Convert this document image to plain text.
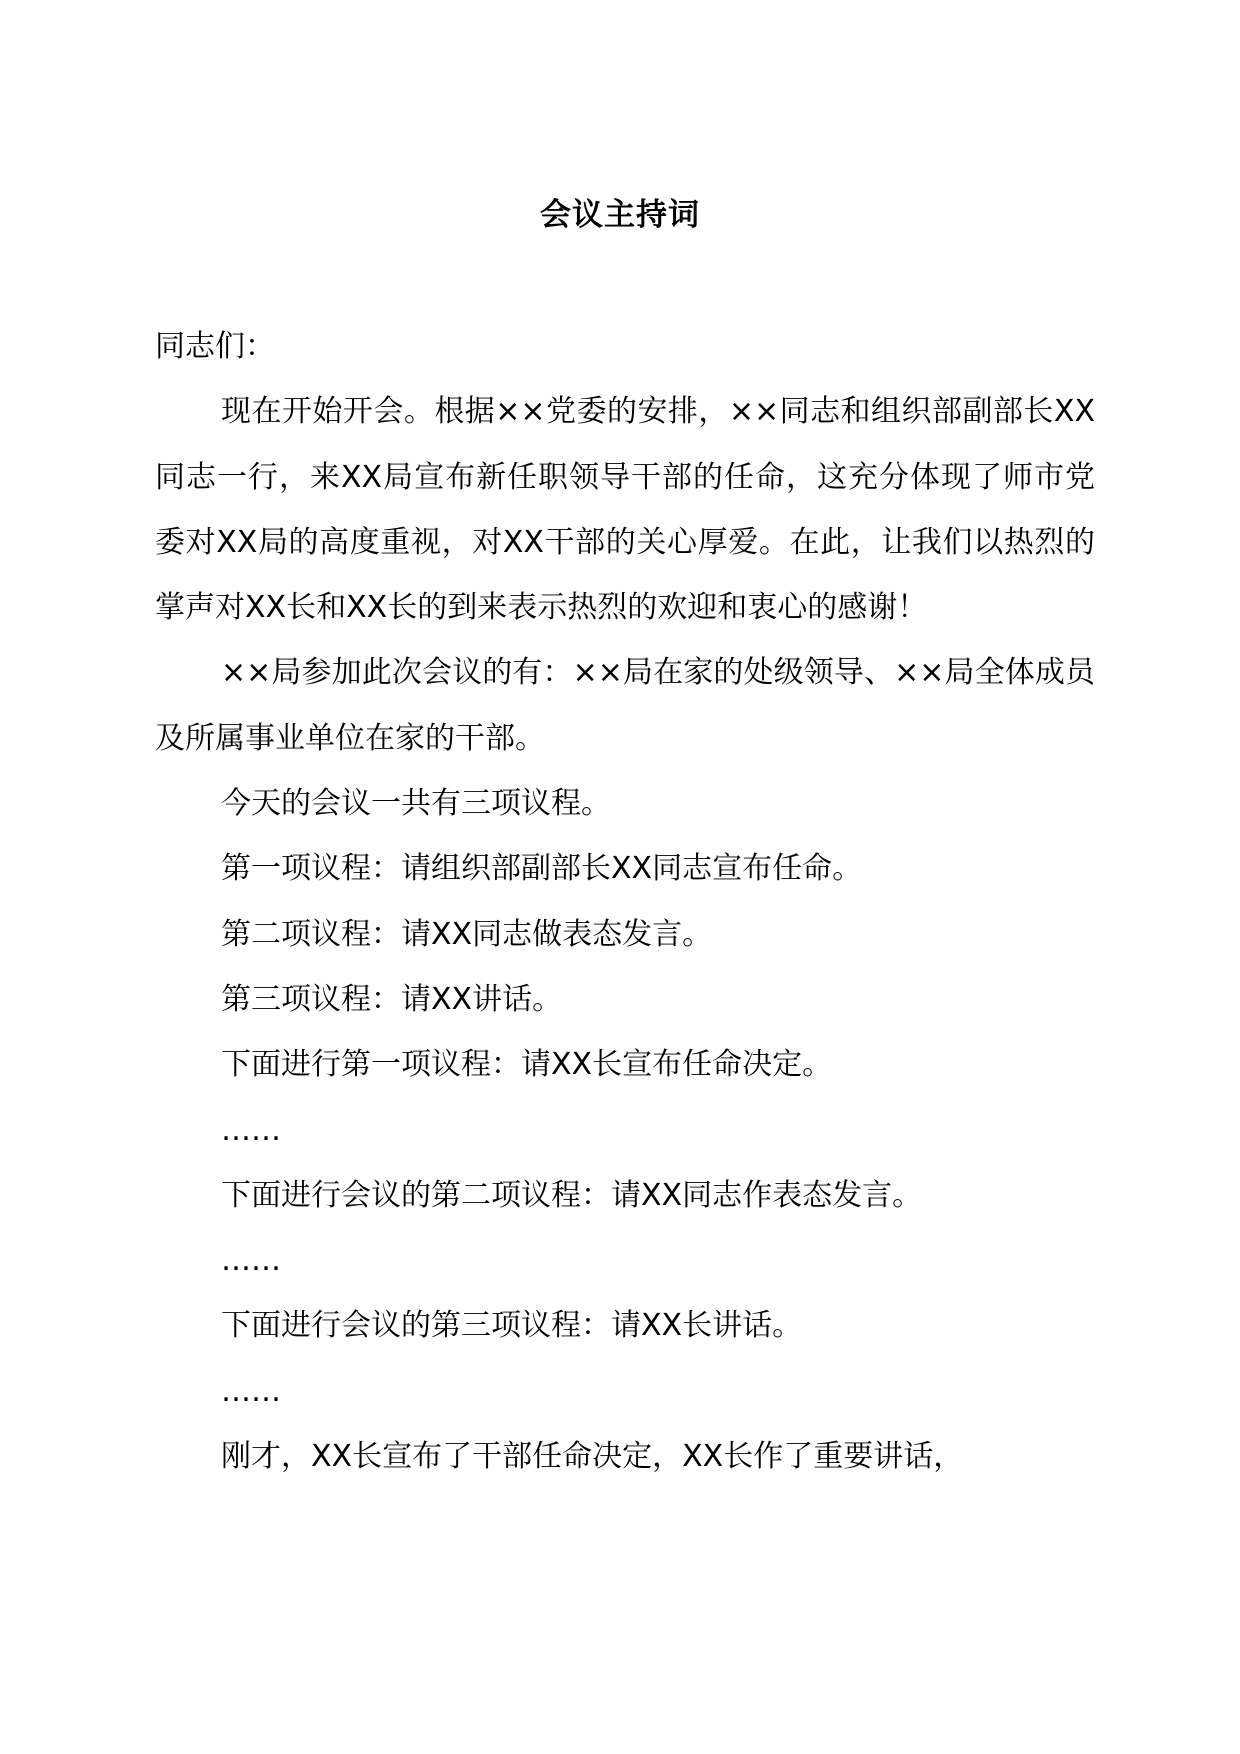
会议主持词

同志们：

现在开始开会。根据××党委的安排，××同志和组织部副部长XX同志一行，来XX局宣布新任职领导干部的任命，这充分体现了师市党委对XX局的高度重视，对XX干部的关心厚爱。在此，让我们以热烈的掌声对XX长和XX长的到来表示热烈的欢迎和衷心的感谢！

××局参加此次会议的有：××局在家的处级领导、××局全体成员及所属事业单位在家的干部。

今天的会议一共有三项议程。

第一项议程：请组织部副部长XX同志宣布任命。

第二项议程：请XX同志做表态发言。

第三项议程：请XX讲话。

下面进行第一项议程：请XX长宣布任命决定。

……

下面进行会议的第二项议程：请XX同志作表态发言。

……

下面进行会议的第三项议程：请XX长讲话。

……

刚才，XX长宣布了干部任命决定，XX长作了重要讲话，
